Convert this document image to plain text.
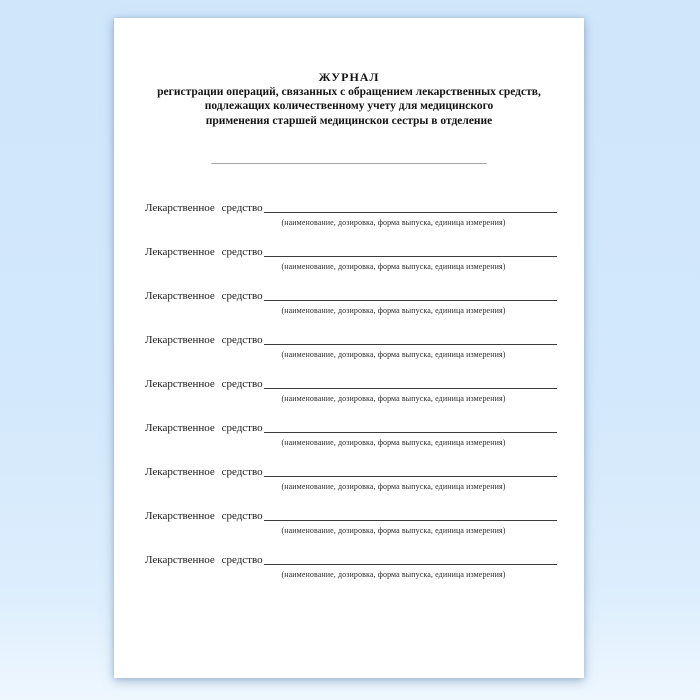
ЖУРНАЛ
регистрации операций, связанных с обращением лекарственных средств,
подлежащих количественному учету для медицинского
применения старшей медицинскои сестры в отделение
__________________________________________________
Лекарственное средство
(наименование, дозировка, форма выпуска, единица измерения)
Лекарственное средство
(наименование, дозировка, форма выпуска, единица измерения)
Лекарственное средство
(наименование, дозировка, форма выпуска, единица измерения)
Лекарственное средство
(наименование, дозировка, форма выпуска, единица измерения)
Лекарственное средство
(наименование, дозировка, форма выпуска, единица измерения)
Лекарственное средство
(наименование, дозировка, форма выпуска, единица измерения)
Лекарственное средство
(наименование, дозировка, форма выпуска, единица измерения)
Лекарственное средство
(наименование, дозировка, форма выпуска, единица измерения)
Лекарственное средство
(наименование, дозировка, форма выпуска, единица измерения)
